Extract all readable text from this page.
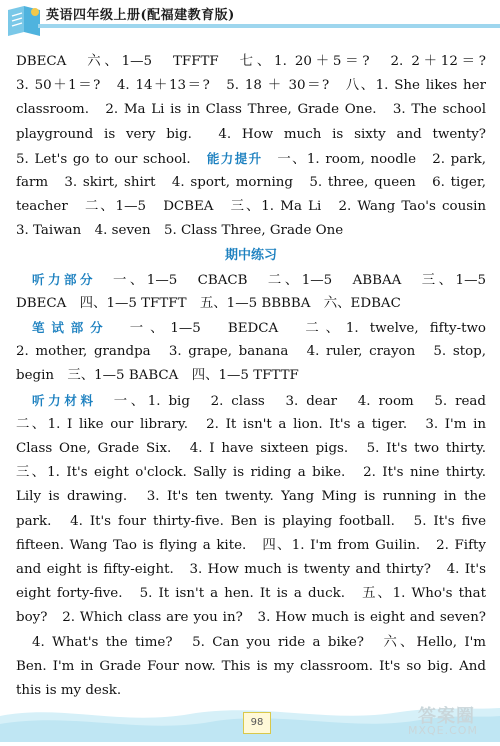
英语四年级上册(配福建教育版)
DBECA　六、1—5　TFFTF　七、1. 20＋5＝?　2. 2＋12＝?
3. 50＋1＝?　4. 14＋13＝?　5. 18 ＋ 30＝?　八、1. She likes her
classroom.　2. Ma Li is in Class Three, Grade One.　3. The school
playground is very big.　4. How much is sixty and twenty?
5. Let's go to our school.　能力提升　一、1. room, noodle　2. park,
farm　3. skirt, shirt　4. sport, morning　5. three, queen　6. tiger,
teacher　二、1—5　DCBEA　三、1. Ma Li　2. Wang Tao's cousin
3. Taiwan　4. seven　5. Class Three, Grade One
期中练习
听力部分　一、1—5　CBACB　二、1—5　ABBAA　三、1—5
DBECA　四、1—5 TFTFT　五、1—5 BBBBA　六、EDBAC
笔试部分　一、1—5　BEDCA　二、1. twelve, fifty-two
2. mother, grandpa　3. grape, banana　4. ruler, crayon　5. stop,
begin　三、1—5 BABCA　四、1—5 TFTTF
听力材料　一、1. big　2. class　3. dear　4. room　5. read
二、1. I like our library.　2. It isn't a lion. It's a tiger.　3. I'm in
Class One, Grade Six.　4. I have sixteen pigs.　5. It's two thirty.
三、1. It's eight o'clock. Sally is riding a bike.　2. It's nine thirty.
Lily is drawing.　3. It's ten twenty. Yang Ming is running in the
park.　4. It's four thirty-five. Ben is playing football.　5. It's five
fifteen. Wang Tao is flying a kite.　四、1. I'm from Guilin.　2. Fifty
and eight is fifty-eight.　3. How much is twenty and thirty?　4. It's
eight forty-five.　5. It isn't a hen. It is a duck.　五、1. Who's that
boy?　2. Which class are you in?　3. How much is eight and seven?
4. What's the time?　5. Can you ride a bike?　六、Hello, I'm
Ben. I'm in Grade Four now. This is my classroom. It's so big. And
this is my desk.
98	答案圈
MXQE.COM
